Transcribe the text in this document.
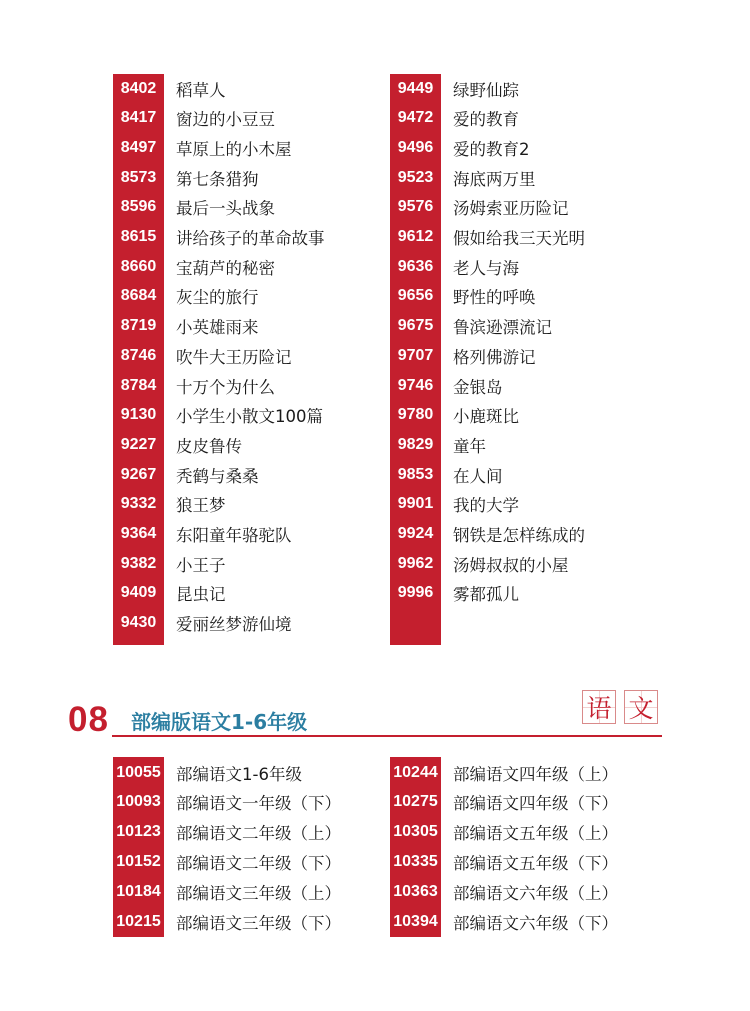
8402	稻草人
8417	窗边的小豆豆
8497	草原上的小木屋
8573	第七条猎狗
8596	最后一头战象
8615	讲给孩子的革命故事
8660	宝葫芦的秘密
8684	灰尘的旅行
8719	小英雄雨来
8746	吹牛大王历险记
8784	十万个为什么
9130	小学生小散文100篇
9227	皮皮鲁传
9267	秃鹤与桑桑
9332	狼王梦
9364	东阳童年骆驼队
9382	小王子
9409	昆虫记
9430	爱丽丝梦游仙境
9449	绿野仙踪
9472	爱的教育
9496	爱的教育2
9523	海底两万里
9576	汤姆索亚历险记
9612	假如给我三天光明
9636	老人与海
9656	野性的呼唤
9675	鲁滨逊漂流记
9707	格列佛游记
9746	金银岛
9780	小鹿斑比
9829	童年
9853	在人间
9901	我的大学
9924	钢铁是怎样练成的
9962	汤姆叔叔的小屋
9996	雾都孤儿
08 部编版语文1-6年级	语 文
10055 部编语文1-6年级
10093 部编语文一年级（下）
10123 部编语文二年级（上）
10152 部编语文二年级（下）
10184 部编语文三年级（上）
10215 部编语文三年级（下）
10244 部编语文四年级（上）
10275 部编语文四年级（下）
10305 部编语文五年级（上）
10335 部编语文五年级（下）
10363 部编语文六年级（上）
10394 部编语文六年级（下）
